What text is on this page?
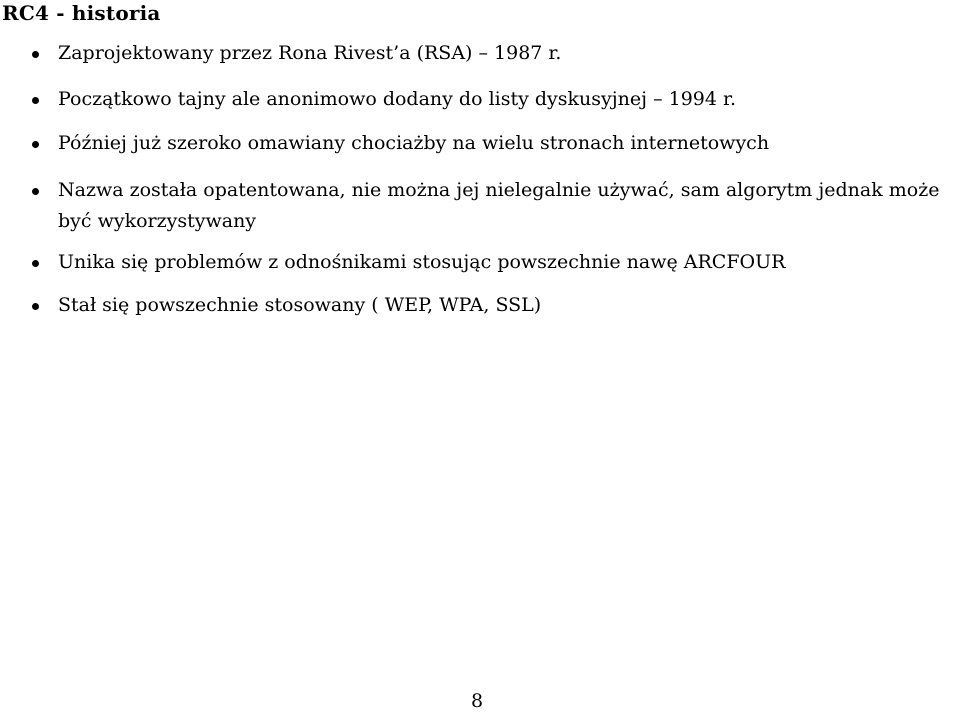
RC4 - historia
Zaprojektowany przez Rona Rivest’a (RSA) – 1987 r.
Początkowo tajny ale anonimowo dodany do listy dyskusyjnej – 1994 r.
Później już szeroko omawiany chociażby na wielu stronach internetowych
Nazwa została opatentowana, nie można jej nielegalnie używać, sam algorytm jednak może być wykorzystywany
Unika się problemów z odnośnikami stosując powszechnie nawę ARCFOUR
Stał się powszechnie stosowany ( WEP, WPA, SSL)
8
